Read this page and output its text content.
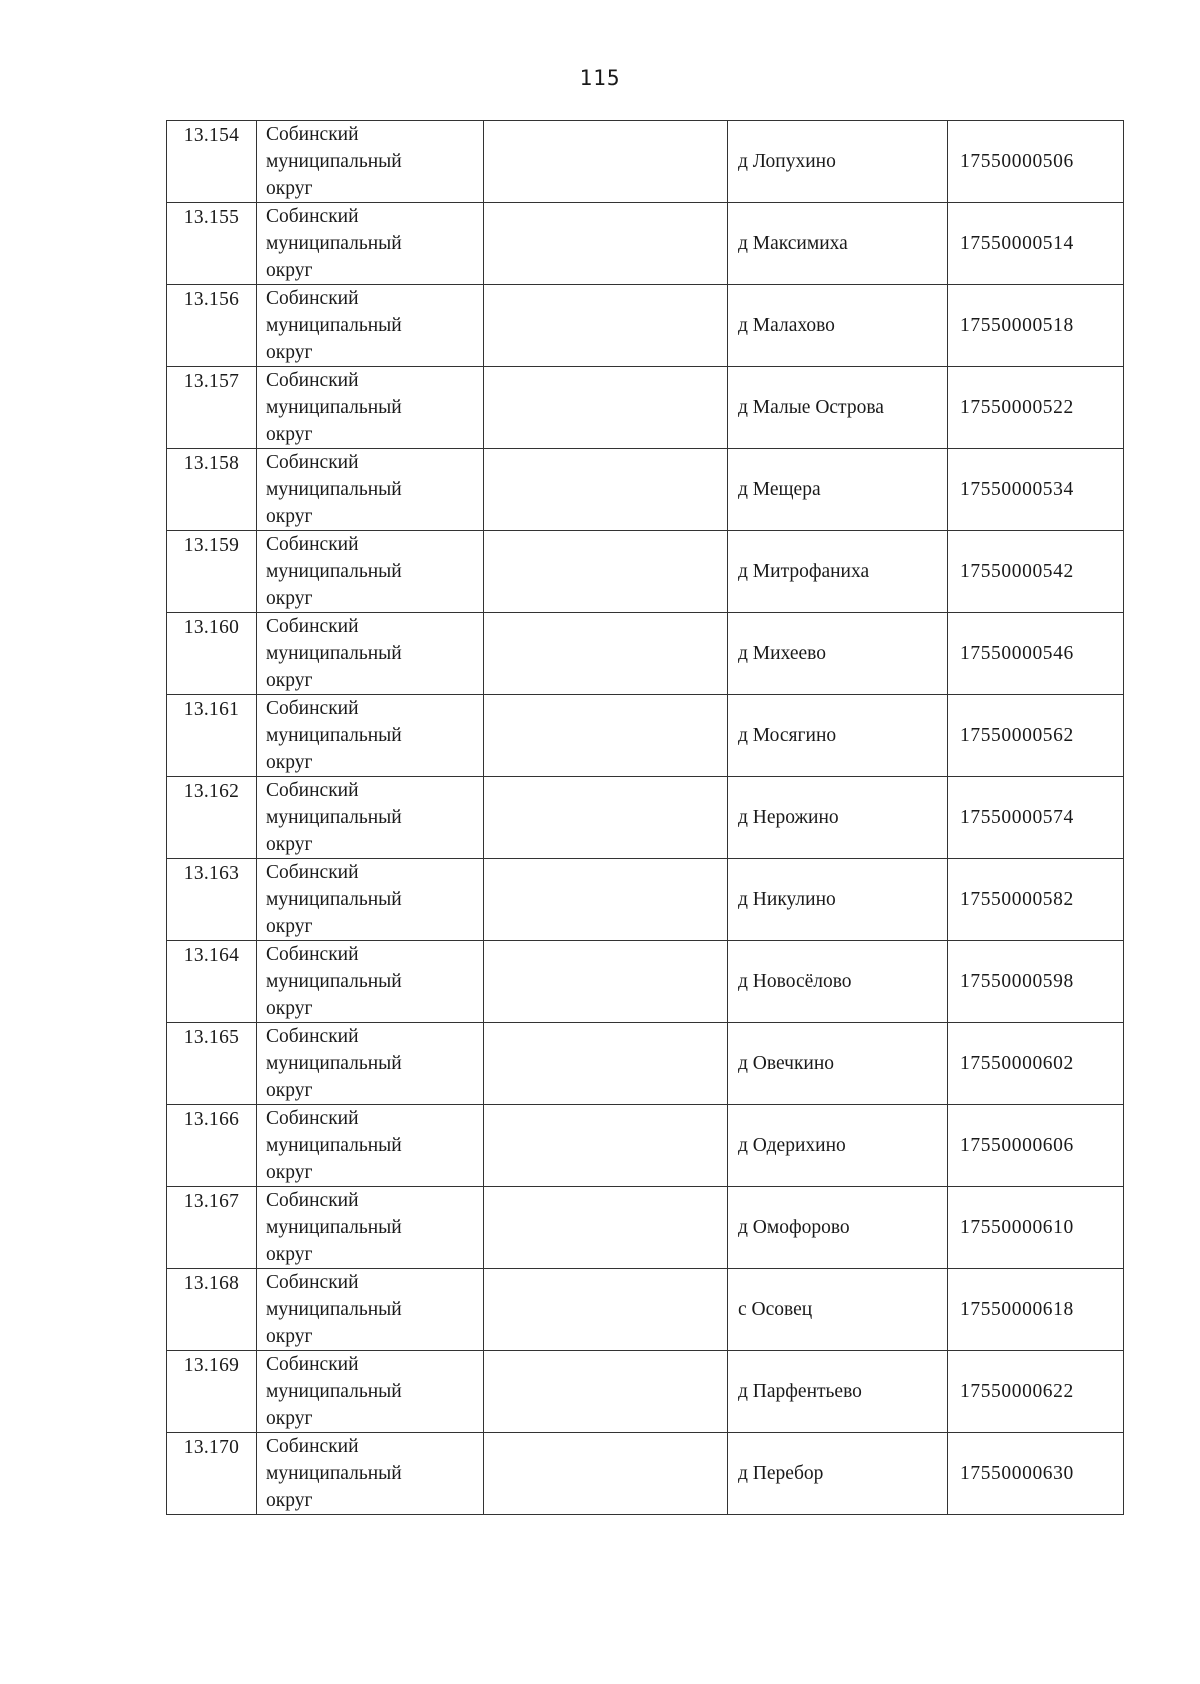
115
13.154	Собинский
муниципальный
округ		д Лопухино	17550000506
13.155	Собинский
муниципальный
округ		д Максимиха	17550000514
13.156	Собинский
муниципальный
округ		д Малахово	17550000518
13.157	Собинский
муниципальный
округ		д Малые Острова	17550000522
13.158	Собинский
муниципальный
округ		д Мещера	17550000534
13.159	Собинский
муниципальный
округ		д Митрофаниха	17550000542
13.160	Собинский
муниципальный
округ		д Михеево	17550000546
13.161	Собинский
муниципальный
округ		д Мосягино	17550000562
13.162	Собинский
муниципальный
округ		д Нерожино	17550000574
13.163	Собинский
муниципальный
округ		д Никулино	17550000582
13.164	Собинский
муниципальный
округ		д Новосёлово	17550000598
13.165	Собинский
муниципальный
округ		д Овечкино	17550000602
13.166	Собинский
муниципальный
округ		д Одерихино	17550000606
13.167	Собинский
муниципальный
округ		д Омофорово	17550000610
13.168	Собинский
муниципальный
округ		с Осовец	17550000618
13.169	Собинский
муниципальный
округ		д Парфентьево	17550000622
13.170	Собинский
муниципальный
округ		д Перебор	17550000630
